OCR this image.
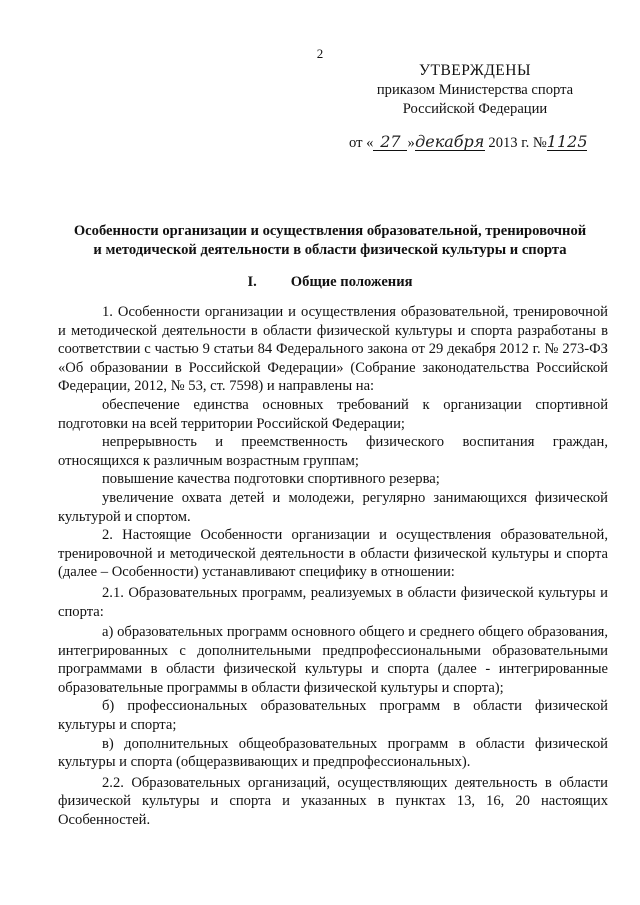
2
УТВЕРЖДЕНЫ
приказом Министерства спорта
Российской Федерации
от « 27 »декабря 2013 г. №1125
Особенности организации и осуществления образовательной, тренировочной
и методической деятельности в области физической культуры и спорта
I. Общие положения

1. Особенности организации и осуществления образовательной, тренировочной и методической деятельности в области физической культуры и спорта разработаны в соответствии с частью 9 статьи 84 Федерального закона от 29 декабря 2012 г. № 273-ФЗ «Об образовании в Российской Федерации» (Собрание законодательства Российской Федерации, 2012, № 53, ст. 7598) и направлены на:

обеспечение единства основных требований к организации спортивной подготовки на всей территории Российской Федерации;

непрерывность и преемственность физического воспитания граждан, относящихся к различным возрастным группам;

повышение качества подготовки спортивного резерва;

увеличение охвата детей и молодежи, регулярно занимающихся физической культурой и спортом.

2. Настоящие Особенности организации и осуществления образовательной, тренировочной и методической деятельности в области физической культуры и спорта (далее – Особенности) устанавливают специфику в отношении:

2.1. Образовательных программ, реализуемых в области физической культуры и спорта:

а) образовательных программ основного общего и среднего общего образования, интегрированных с дополнительными предпрофессиональными образовательными программами в области физической культуры и спорта (далее - интегрированные образовательные программы в области физической культуры и спорта);

б) профессиональных образовательных программ в области физической культуры и спорта;

в) дополнительных общеобразовательных программ в области физической культуры и спорта (общеразвивающих и предпрофессиональных).

2.2. Образовательных организаций, осуществляющих деятельность в области физической культуры и спорта и указанных в пунктах 13, 16, 20 настоящих Особенностей.
